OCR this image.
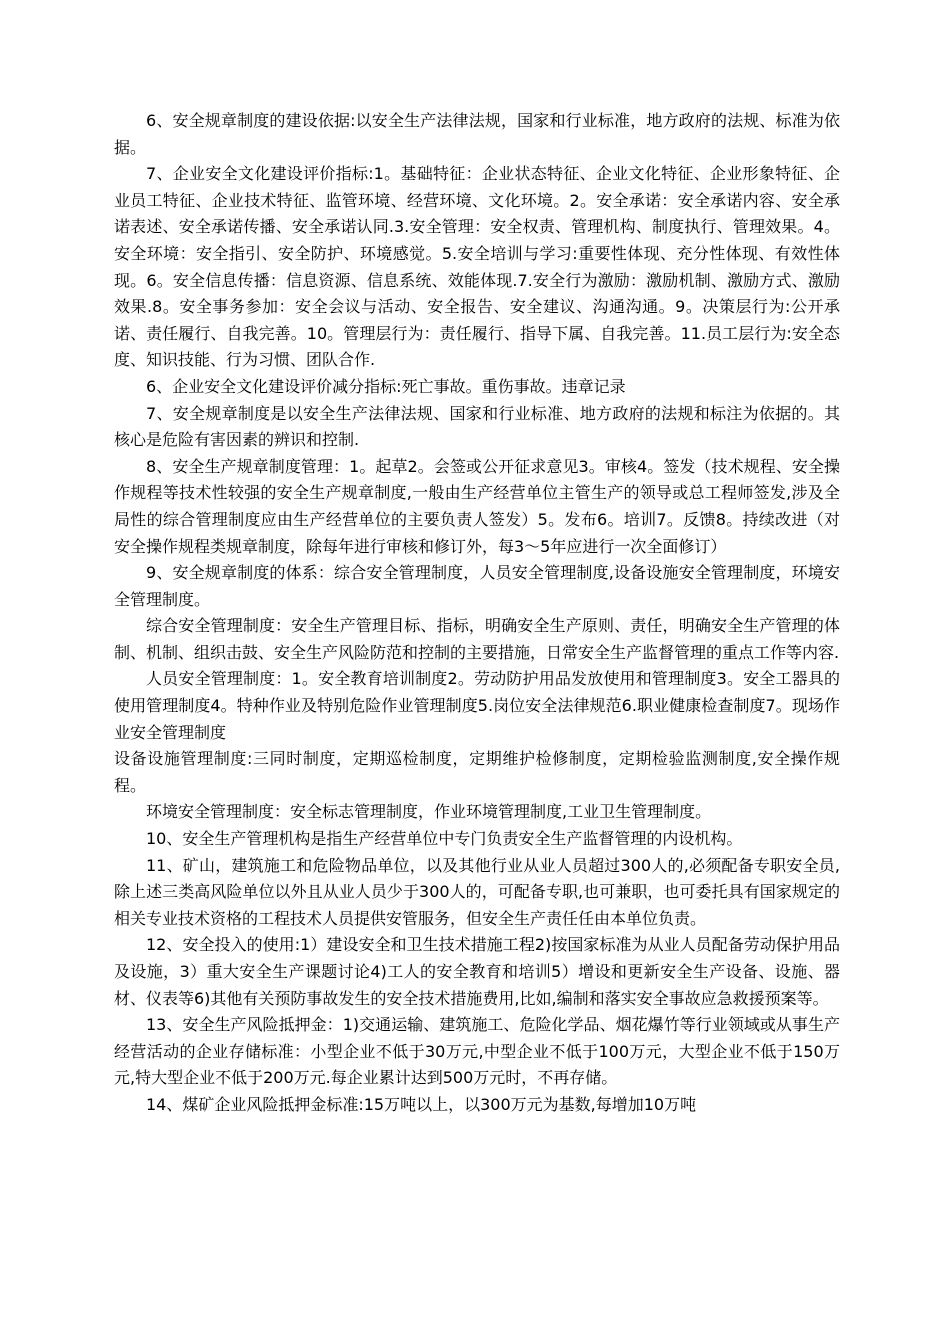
6、安全规章制度的建设依据:以安全生产法律法规，国家和行业标准，地方政府的法规、标准为依据。

7、企业安全文化建设评价指标:1。基础特征：企业状态特征、企业文化特征、企业形象特征、企业员工特征、企业技术特征、监管环境、经营环境、文化环境。2。安全承诺：安全承诺内容、安全承诺表述、安全承诺传播、安全承诺认同.3.安全管理：安全权责、管理机构、制度执行、管理效果。4。安全环境：安全指引、安全防护、环境感觉。5.安全培训与学习:重要性体现、充分性体现、有效性体现。6。安全信息传播：信息资源、信息系统、效能体现.7.安全行为激励：激励机制、激励方式、激励效果.8。安全事务参加：安全会议与活动、安全报告、安全建议、沟通沟通。9。决策层行为:公开承诺、责任履行、自我完善。10。管理层行为：责任履行、指导下属、自我完善。11.员工层行为:安全态度、知识技能、行为习惯、团队合作.

6、企业安全文化建设评价减分指标:死亡事故。重伤事故。违章记录

7、安全规章制度是以安全生产法律法规、国家和行业标准、地方政府的法规和标注为依据的。其核心是危险有害因素的辨识和控制.

8、安全生产规章制度管理：1。起草2。会签或公开征求意见3。审核4。签发（技术规程、安全操作规程等技术性较强的安全生产规章制度,一般由生产经营单位主管生产的领导或总工程师签发,涉及全局性的综合管理制度应由生产经营单位的主要负责人签发）5。发布6。培训7。反馈8。持续改进（对安全操作规程类规章制度，除每年进行审核和修订外，每3～5年应进行一次全面修订）

9、安全规章制度的体系：综合安全管理制度，人员安全管理制度,设备设施安全管理制度，环境安全管理制度。

综合安全管理制度：安全生产管理目标、指标，明确安全生产原则、责任，明确安全生产管理的体制、机制、组织击鼓、安全生产风险防范和控制的主要措施，日常安全生产监督管理的重点工作等内容.

人员安全管理制度：1。安全教育培训制度2。劳动防护用品发放使用和管理制度3。安全工器具的使用管理制度4。特种作业及特别危险作业管理制度5.岗位安全法律规范6.职业健康检查制度7。现场作业安全管理制度

设备设施管理制度:三同时制度，定期巡检制度，定期维护检修制度，定期检验监测制度,安全操作规程。

环境安全管理制度：安全标志管理制度，作业环境管理制度,工业卫生管理制度。

10、安全生产管理机构是指生产经营单位中专门负责安全生产监督管理的内设机构。

11、矿山，建筑施工和危险物品单位，以及其他行业从业人员超过300人的,必须配备专职安全员,除上述三类高风险单位以外且从业人员少于300人的，可配备专职,也可兼职，也可委托具有国家规定的相关专业技术资格的工程技术人员提供安管服务，但安全生产责任任由本单位负责。

12、安全投入的使用:1）建设安全和卫生技术措施工程2)按国家标准为从业人员配备劳动保护用品及设施，3）重大安全生产课题讨论4)工人的安全教育和培训5）增设和更新安全生产设备、设施、器材、仪表等6)其他有关预防事故发生的安全技术措施费用,比如,编制和落实安全事故应急救援预案等。

13、安全生产风险抵押金：1)交通运输、建筑施工、危险化学品、烟花爆竹等行业领域或从事生产经营活动的企业存储标准：小型企业不低于30万元,中型企业不低于100万元，大型企业不低于150万元,特大型企业不低于200万元.每企业累计达到500万元时，不再存储。

14、煤矿企业风险抵押金标准:15万吨以上，以300万元为基数,每增加10万吨
